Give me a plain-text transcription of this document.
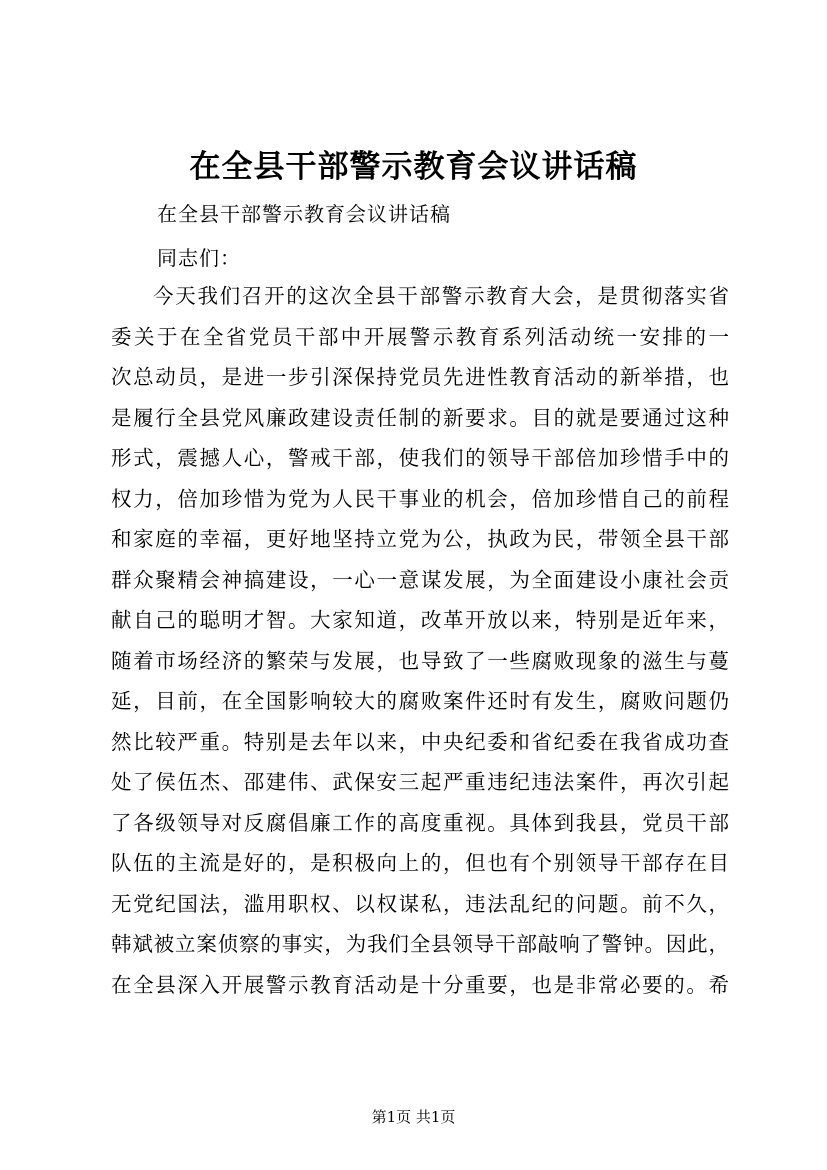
在全县干部警示教育会议讲话稿
在全县干部警示教育会议讲话稿
同志们：
今天我们召开的这次全县干部警示教育大会，是贯彻落实省
委关于在全省党员干部中开展警示教育系列活动统一安排的一
次总动员，是进一步引深保持党员先进性教育活动的新举措，也
是履行全县党风廉政建设责任制的新要求。目的就是要通过这种
形式，震撼人心，警戒干部，使我们的领导干部倍加珍惜手中的
权力，倍加珍惜为党为人民干事业的机会，倍加珍惜自己的前程
和家庭的幸福，更好地坚持立党为公，执政为民，带领全县干部
群众聚精会神搞建设，一心一意谋发展，为全面建设小康社会贡
献自己的聪明才智。大家知道，改革开放以来，特别是近年来，
随着市场经济的繁荣与发展，也导致了一些腐败现象的滋生与蔓
延，目前，在全国影响较大的腐败案件还时有发生，腐败问题仍
然比较严重。特别是去年以来，中央纪委和省纪委在我省成功查
处了侯伍杰、邵建伟、武保安三起严重违纪违法案件，再次引起
了各级领导对反腐倡廉工作的高度重视。具体到我县，党员干部
队伍的主流是好的，是积极向上的，但也有个别领导干部存在目
无党纪国法，滥用职权、以权谋私，违法乱纪的问题。前不久，
韩斌被立案侦察的事实，为我们全县领导干部敲响了警钟。因此，
在全县深入开展警示教育活动是十分重要，也是非常必要的。希
第1页 共1页
